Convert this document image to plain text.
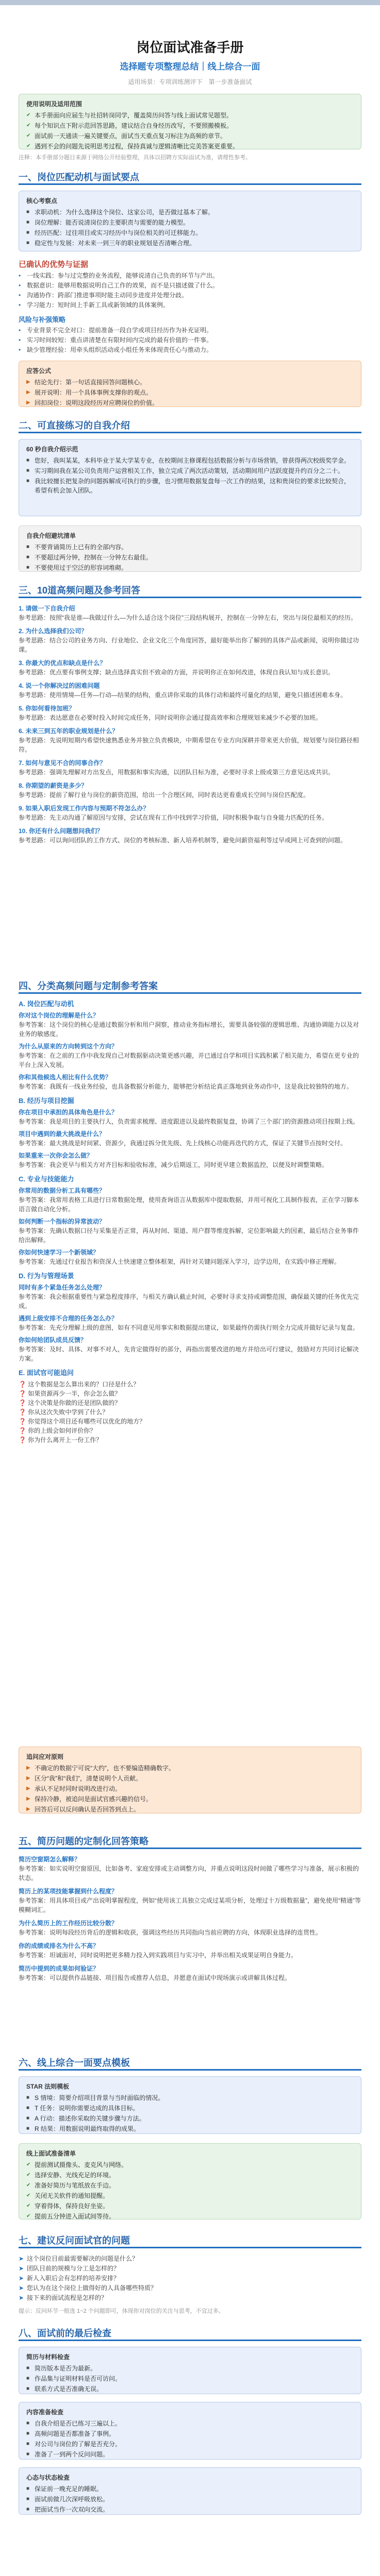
岗位面试准备手册
选择题专项整理总结｜线上综合一面
适用场景：专项训练测评下　第一步准备面试
使用说明及适用范围
✔ 本手册面向应届生与社招转岗同学，覆盖简历问答与线上面试常见题型。
✔ 每个知识点下附示范回答思路，建议结合自身经历改写，不要照搬模板。
✔ 面试前一天通读一遍关键要点，面试当天重点复习标注为高频的章节。
✔ 遇到不会的问题先说明思考过程，保持真诚与逻辑清晰比完美答案更重要。
注释：本手册部分题目来源于网络公开经验整理，具体以招聘方实际面试为准，请理性参考。
一、岗位匹配动机与面试要点
核心考察点
■ 求职动机：为什么选择这个岗位、这家公司，是否做过基本了解。
■ 岗位理解：能否说清岗位的主要职责与需要的能力模型。
■ 经历匹配：过往项目或实习经历中与岗位相关的可迁移能力。
■ 稳定性与发展：对未来一到三年的职业规划是否清晰合理。
已确认的优势与证据
• 一线实践：参与过完整的业务流程，能够说清自己负责的环节与产出。
• 数据意识：能够用数据说明自己工作的效果，而不是只描述做了什么。
• 沟通协作：跨部门推进事项时能主动同步进度并处理分歧。
• 学习能力：短时间上手新工具或新领域的具体案例。
风险与补强策略
• 专业背景不完全对口：提前准备一段自学或项目经历作为补充证明。
• 实习时间较短：重点讲清楚在有限时间内完成的最有价值的一件事。
• 缺少管理经验：用牵头组织活动或小组任务来体现责任心与推动力。
应答公式
▶ 结论先行：第一句话直接回答问题核心。
▶ 展开说明：用一个具体事例支撑你的观点。
▶ 回扣岗位：说明这段经历对应聘岗位的价值。
二、可直接练习的自我介绍
60 秒自我介绍示范
■ 您好，我叫某某，本科毕业于某大学某专业，在校期间主修课程包括数据分析与市场营销，曾获得两次校级奖学金。
■ 实习期间我在某公司负责用户运营相关工作，独立完成了两次活动策划，活动期间用户活跃度提升约百分之二十。
■ 我比较擅长把复杂的问题拆解成可执行的步骤，也习惯用数据复盘每一次工作的结果，这和贵岗位的要求比较契合，希望有机会加入团队。
自我介绍避坑清单
■ 不要背诵简历上已有的全部内容。
■ 不要超过两分钟，控制在一分钟左右最佳。
■ 不要使用过于空泛的形容词堆砌。
三、10道高频问题及参考回答
1. 请做一下自我介绍
参考思路：按照“我是谁—我做过什么—为什么适合这个岗位”三段结构展开，控制在一分钟左右，突出与岗位最相关的经历。
2. 为什么选择我们公司？
参考思路：结合公司的业务方向、行业地位、企业文化三个角度回答，最好能举出你了解到的具体产品或新闻，说明你做过功课。
3. 你最大的优点和缺点是什么？
参考思路：优点要有事例支撑；缺点选择真实但不致命的方面，并说明你正在如何改进，体现自我认知与成长意识。
4. 说一个你解决过的困难问题
参考思路：使用情境—任务—行动—结果的结构，重点讲你采取的具体行动和最终可量化的结果，避免只描述困难本身。
5. 你如何看待加班？
参考思路：表达愿意在必要时投入时间完成任务，同时说明你会通过提高效率和合理规划来减少不必要的加班。
6. 未来三到五年的职业规划是什么？
参考思路：先说明短期内希望快速熟悉业务并独立负责模块，中期希望在专业方向深耕并带来更大价值，规划要与岗位路径相符。
7. 如何与意见不合的同事合作？
参考思路：强调先理解对方出发点，用数据和事实沟通，以团队目标为准，必要时寻求上级或第三方意见达成共识。
8. 你期望的薪资是多少？
参考思路：提前了解行业与岗位的薪资范围，给出一个合理区间，同时表达更看重成长空间与岗位匹配度。
9. 如果入职后发现工作内容与预期不符怎么办？
参考思路：先主动沟通了解原因与安排，尝试在现有工作中找到学习价值，同时积极争取与自身能力匹配的任务。
10. 你还有什么问题想问我们？
参考思路：可以询问团队的工作方式、岗位的考核标准、新人培养机制等，避免问薪资福利等过早或网上可查到的问题。
四、分类高频问题与定制参考答案
A. 岗位匹配与动机
你对这个岗位的理解是什么？
参考答案：这个岗位的核心是通过数据分析和用户洞察，推动业务指标增长，需要具备较强的逻辑思维、沟通协调能力以及对业务的敏感度。
为什么从原来的方向转到这个方向？
参考答案：在之前的工作中我发现自己对数据驱动决策更感兴趣，并已通过自学和项目实践积累了相关能力，希望在更专业的平台上深入发展。
你和其他候选人相比有什么优势？
参考答案：我既有一线业务经验，也具备数据分析能力，能够把分析结论真正落地到业务动作中，这是我比较独特的地方。
B. 经历与项目挖掘
你在项目中承担的具体角色是什么？
参考答案：我是项目的主要执行人，负责需求梳理、进度跟进以及最终数据复盘，协调了三个部门的资源推动项目按期上线。
项目中遇到的最大挑战是什么？
参考答案：最大挑战是时间紧、资源少，我通过拆分优先级、先上线核心功能再迭代的方式，保证了关键节点按时交付。
如果重来一次你会怎么做？
参考答案：我会更早与相关方对齐目标和验收标准，减少后期返工，同时更早建立数据监控，以便及时调整策略。
C. 专业与技能能力
你常用的数据分析工具有哪些？
参考答案：我常用表格工具进行日常数据处理，使用查询语言从数据库中提取数据，并用可视化工具制作报表，正在学习脚本语言做自动化分析。
如何判断一个指标的异常波动？
参考答案：先确认数据口径与采集是否正常，再从时间、渠道、用户群等维度拆解，定位影响最大的因素，最后结合业务事件给出解释。
你如何快速学习一个新领域？
参考答案：先通过行业报告和资深人士快速建立整体框架，再针对关键问题深入学习，边学边用，在实践中修正理解。
D. 行为与管理场景
同时有多个紧急任务怎么处理？
参考答案：我会根据重要性与紧急程度排序，与相关方确认截止时间，必要时寻求支持或调整范围，确保最关键的任务优先完成。
遇到上级安排不合理的任务怎么办？
参考答案：先充分理解上级的意图，如有不同意见用事实和数据提出建议，如果最终仍需执行则全力完成并做好记录与复盘。
你如何给团队成员反馈？
参考答案：及时、具体、对事不对人，先肯定做得好的部分，再指出需要改进的地方并给出可行建议，鼓励对方共同讨论解决方案。
E. 面试官可能追问
❓ 这个数据是怎么算出来的？口径是什么？
❓ 如果资源再少一半，你会怎么做？
❓ 这个决策是你做的还是团队做的？
❓ 你从这次失败中学到了什么？
❓ 你觉得这个项目还有哪些可以优化的地方？
❓ 你的上级会如何评价你？
❓ 你为什么离开上一份工作？
追问应对原则
▶ 不确定的数据宁可说“大约”，也不要编造精确数字。
▶ 区分“我”和“我们”，清楚说明个人贡献。
▶ 承认不足时同时说明改进行动。
▶ 保持冷静，被追问是面试官感兴趣的信号。
▶ 回答后可以反问确认是否回答到点上。
五、简历问题的定制化回答策略
简历空窗期怎么解释？
参考答案：如实说明空窗原因，比如备考、家庭安排或主动调整方向，并重点说明这段时间做了哪些学习与准备，展示积极的状态。
简历上的某项技能掌握到什么程度？
参考答案：用具体项目或产出说明掌握程度，例如“使用该工具独立完成过某项分析，处理过十万级数据量”，避免使用“精通”等模糊词汇。
为什么简历上的工作经历比较分散？
参考答案：说明每段经历背后的逻辑和收获，强调这些经历共同指向当前应聘的方向，体现职业选择的连贯性。
你的成绩或排名为什么不高？
参考答案：坦诚面对，同时说明把更多精力投入到实践项目与实习中，并举出相关成果证明自身能力。
简历中提到的成果如何验证？
参考答案：可以提供作品链接、项目报告或推荐人信息，并愿意在面试中现场演示或讲解具体过程。
六、线上综合一面要点模板
STAR 法则模板
■ S 情境：简要介绍项目背景与当时面临的情况。
■ T 任务：说明你需要达成的具体目标。
■ A 行动：描述你采取的关键步骤与方法。
■ R 结果：用数据说明最终取得的成果。
线上面试准备清单
✔ 提前测试摄像头、麦克风与网络。
✔ 选择安静、光线充足的环境。
✔ 准备好简历与笔纸放在手边。
✔ 关闭无关软件的通知提醒。
✔ 穿着得体，保持良好坐姿。
✔ 提前五分钟进入面试间等待。
七、建议反问面试官的问题
➤ 这个岗位目前最需要解决的问题是什么？
➤ 团队目前的规模与分工是怎样的？
➤ 新人入职后会有怎样的培养安排？
➤ 您认为在这个岗位上做得好的人具备哪些特质？
➤ 接下来的面试流程是怎样的？
提示：反问环节一般选 1~2 个问题即可，体现你对岗位的关注与思考，不宜过多。
八、面试前的最后检查
简历与材料检查
■ 简历版本是否为最新。
■ 作品集与证明材料是否可访问。
■ 联系方式是否准确无误。
内容准备检查
■ 自我介绍是否已练习三遍以上。
■ 高频问题是否都准备了事例。
■ 对公司与岗位的了解是否充分。
■ 准备了一到两个反问问题。
心态与状态检查
■ 保证前一晚充足的睡眠。
■ 面试前做几次深呼吸放松。
■ 把面试当作一次双向交流。
